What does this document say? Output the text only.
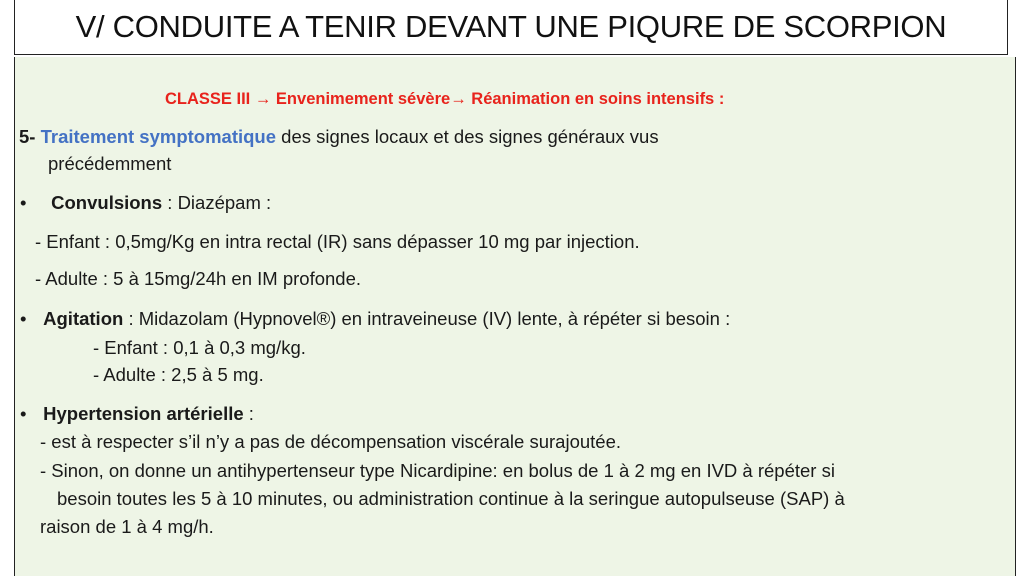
V/ CONDUITE A TENIR DEVANT UNE PIQURE DE SCORPION
CLASSE III → Envenimement sévère→ Réanimation en soins intensifs :
5- Traitement symptomatique des signes locaux et des signes généraux vus
précédemment
• Convulsions : Diazépam :
- Enfant : 0,5mg/Kg en intra rectal (IR) sans dépasser 10 mg par injection.
- Adulte : 5 à 15mg/24h en IM profonde.
• Agitation : Midazolam (Hypnovel®) en intraveineuse (IV) lente, à répéter si besoin :
- Enfant : 0,1 à 0,3 mg/kg.
- Adulte : 2,5 à 5 mg.
• Hypertension artérielle :
- est à respecter s’il n’y a pas de décompensation viscérale surajoutée.
- Sinon, on donne un antihypertenseur type Nicardipine: en bolus de 1 à 2 mg en IVD à répéter si
besoin toutes les 5 à 10 minutes, ou administration continue à la seringue autopulseuse (SAP) à
raison de 1 à 4 mg/h.
